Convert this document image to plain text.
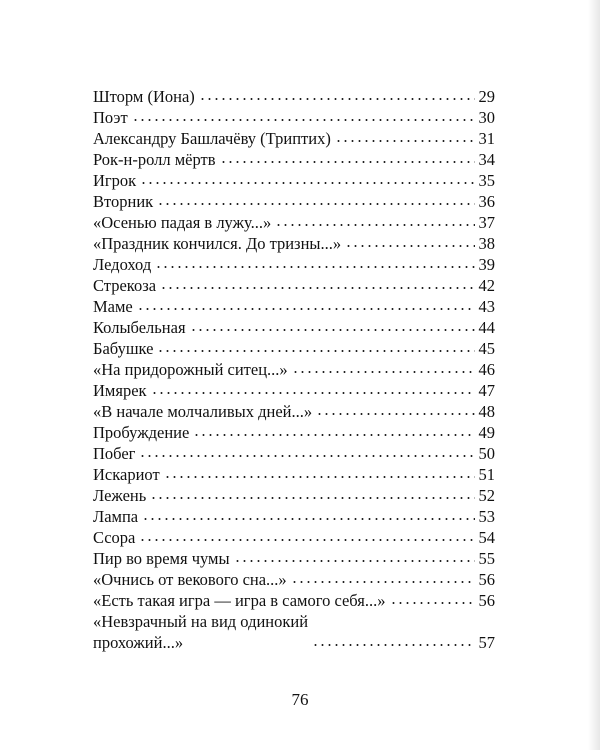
Шторм (Иона)	29
Поэт	30
Александру Башлачёву (Триптих)	31
Рок-н-ролл мёртв	34
Игрок	35
Вторник	36
«Осенью падая в лужу...»	37
«Праздник кончился. До тризны...»	38
Ледоход	39
Стрекоза	42
Маме	43
Колыбельная	44
Бабушке	45
«На придорожный ситец...»	46
Имярек	47
«В начале молчаливых дней...»	48
Пробуждение	49
Побег	50
Искариот	51
Лежень	52
Лампа	53
Ссора	54
Пир во время чумы	55
«Очнись от векового сна...»	56
«Есть такая игра — игра в самого себя...»	56
«Невзрачный на вид одинокий
прохожий...»	57
76
